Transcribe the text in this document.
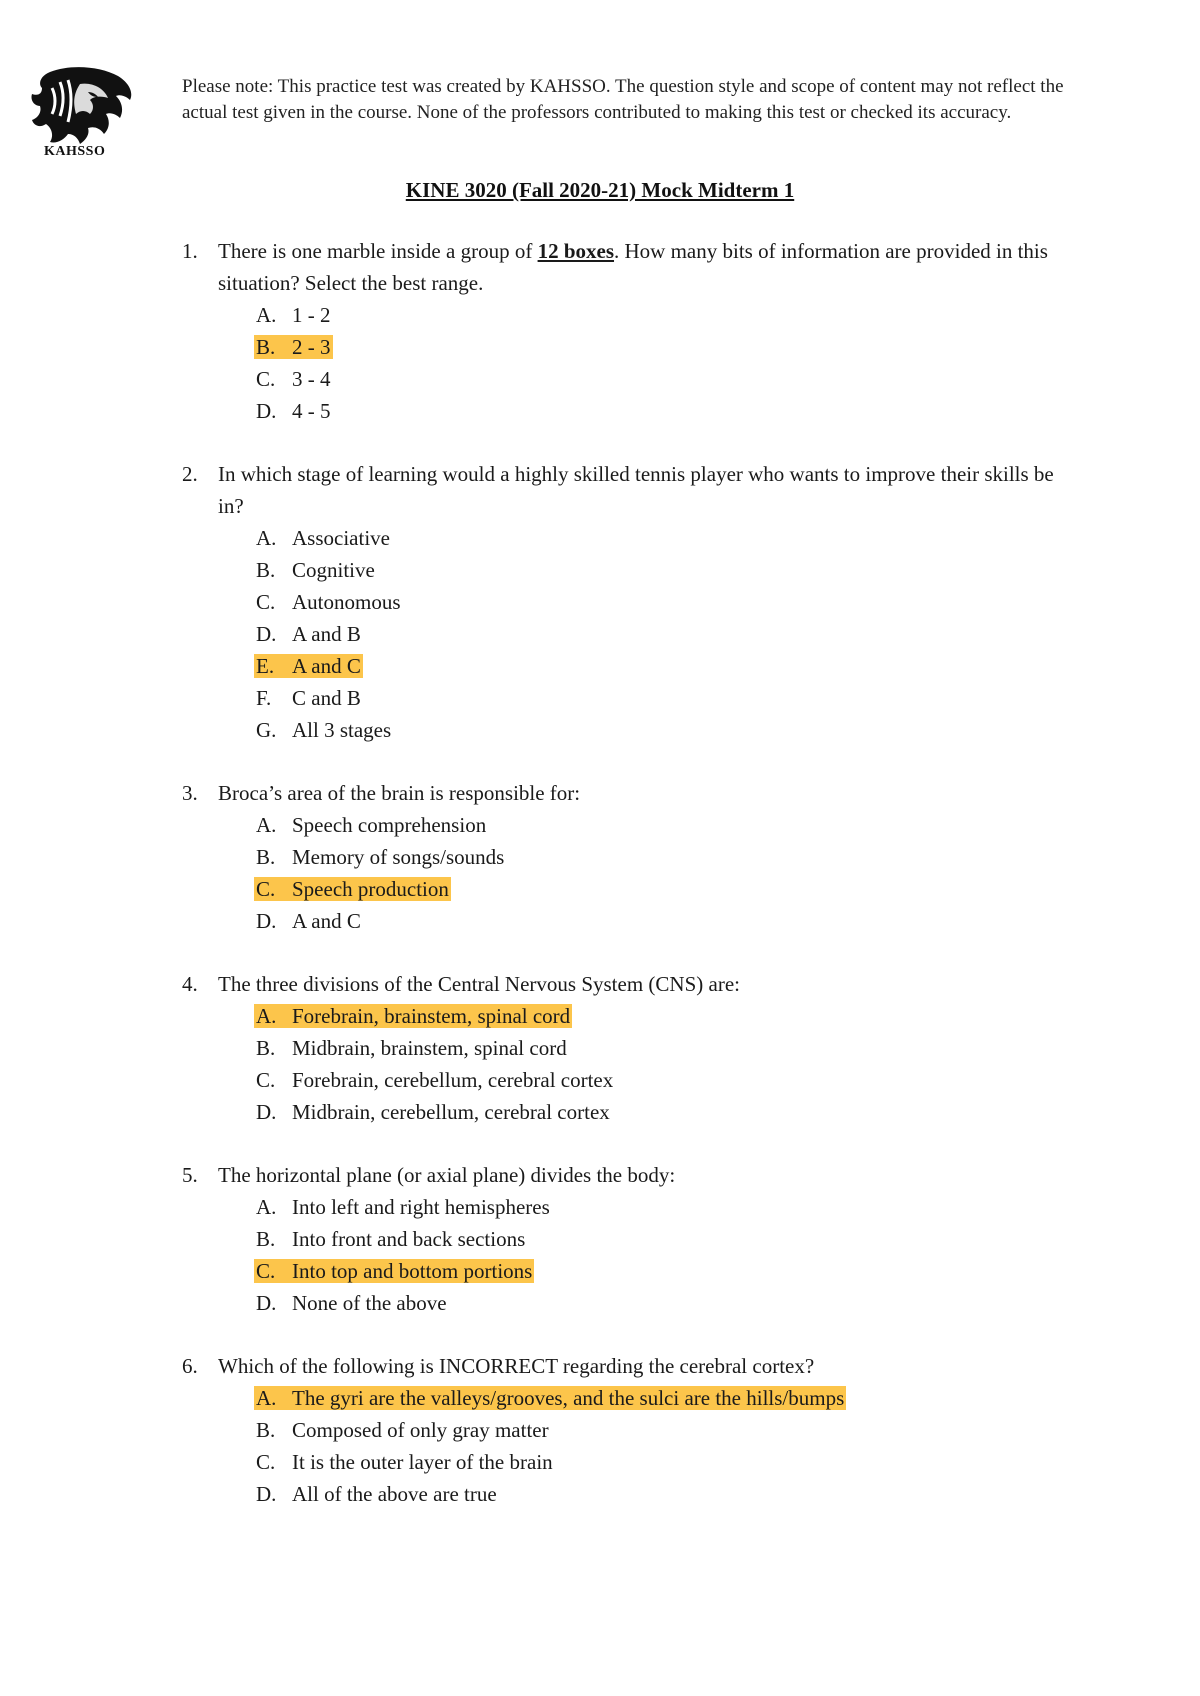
KAHSSO
Please note: This practice test was created by KAHSSO. The question style and scope of content may not reflect the actual test given in the course. None of the professors contributed to making this test or checked its accuracy.
KINE 3020 (Fall 2020-21) Mock Midterm 1
1. There is one marble inside a group of 12 boxes. How many bits of information are provided in this situation? Select the best range.
A. 1 - 2
B. 2 - 3
C. 3 - 4
D. 4 - 5
2. In which stage of learning would a highly skilled tennis player who wants to improve their skills be in?
A. Associative
B. Cognitive
C. Autonomous
D. A and B
E. A and C
F. C and B
G. All 3 stages
3. Broca’s area of the brain is responsible for:
A. Speech comprehension
B. Memory of songs/sounds
C. Speech production
D. A and C
4. The three divisions of the Central Nervous System (CNS) are:
A. Forebrain, brainstem, spinal cord
B. Midbrain, brainstem, spinal cord
C. Forebrain, cerebellum, cerebral cortex
D. Midbrain, cerebellum, cerebral cortex
5. The horizontal plane (or axial plane) divides the body:
A. Into left and right hemispheres
B. Into front and back sections
C. Into top and bottom portions
D. None of the above
6. Which of the following is INCORRECT regarding the cerebral cortex?
A. The gyri are the valleys/grooves, and the sulci are the hills/bumps
B. Composed of only gray matter
C. It is the outer layer of the brain
D. All of the above are true
